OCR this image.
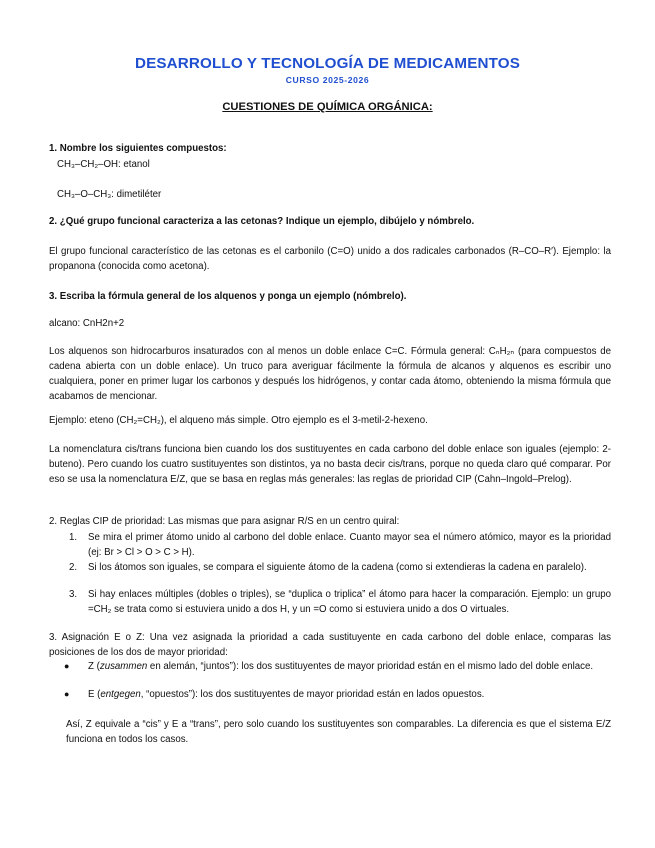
DESARROLLO Y TECNOLOGÍA DE MEDICAMENTOS
CURSO 2025-2026
CUESTIONES DE QUÍMICA ORGÁNICA:
1. Nombre los siguientes compuestos:
CH₃–CH₂–OH: etanol
CH₃–O–CH₃: dimetiléter
2. ¿Qué grupo funcional caracteriza a las cetonas? Indique un ejemplo, dibújelo y nómbrelo.
El grupo funcional característico de las cetonas es el carbonilo (C=O) unido a dos radicales carbonados (R–CO–R′). Ejemplo: la propanona (conocida como acetona).
3. Escriba la fórmula general de los alquenos y ponga un ejemplo (nómbrelo).
alcano: CnH2n+2
Los alquenos son hidrocarburos insaturados con al menos un doble enlace C=C. Fórmula general: CₙH₂ₙ (para compuestos de cadena abierta con un doble enlace). Un truco para averiguar fácilmente la fórmula de alcanos y alquenos es escribir uno cualquiera, poner en primer lugar los carbonos y después los hidrógenos, y contar cada átomo, obteniendo la misma fórmula que acabamos de mencionar.
Ejemplo: eteno (CH₂=CH₂), el alqueno más simple. Otro ejemplo es el 3-metil-2-hexeno.
La nomenclatura cis/trans funciona bien cuando los dos sustituyentes en cada carbono del doble enlace son iguales (ejemplo: 2-buteno). Pero cuando los cuatro sustituyentes son distintos, ya no basta decir cis/trans, porque no queda claro qué comparar. Por eso se usa la nomenclatura E/Z, que se basa en reglas más generales: las reglas de prioridad CIP (Cahn–Ingold–Prelog).
2. Reglas CIP de prioridad: Las mismas que para asignar R/S en un centro quiral:
1. Se mira el primer átomo unido al carbono del doble enlace. Cuanto mayor sea el número atómico, mayor es la prioridad (ej: Br > Cl > O > C > H).
2. Si los átomos son iguales, se compara el siguiente átomo de la cadena (como si extendieras la cadena en paralelo).
3. Si hay enlaces múltiples (dobles o triples), se “duplica o triplica” el átomo para hacer la comparación. Ejemplo: un grupo =CH₂ se trata como si estuviera unido a dos H, y un =O como si estuviera unido a dos O virtuales.
3. Asignación E o Z: Una vez asignada la prioridad a cada sustituyente en cada carbono del doble enlace, comparas las posiciones de los dos de mayor prioridad:
● Z (zusammen en alemán, “juntos”): los dos sustituyentes de mayor prioridad están en el mismo lado del doble enlace.
● E (entgegen, “opuestos”): los dos sustituyentes de mayor prioridad están en lados opuestos.
Así, Z equivale a “cis” y E a “trans”, pero solo cuando los sustituyentes son comparables. La diferencia es que el sistema E/Z funciona en todos los casos.
